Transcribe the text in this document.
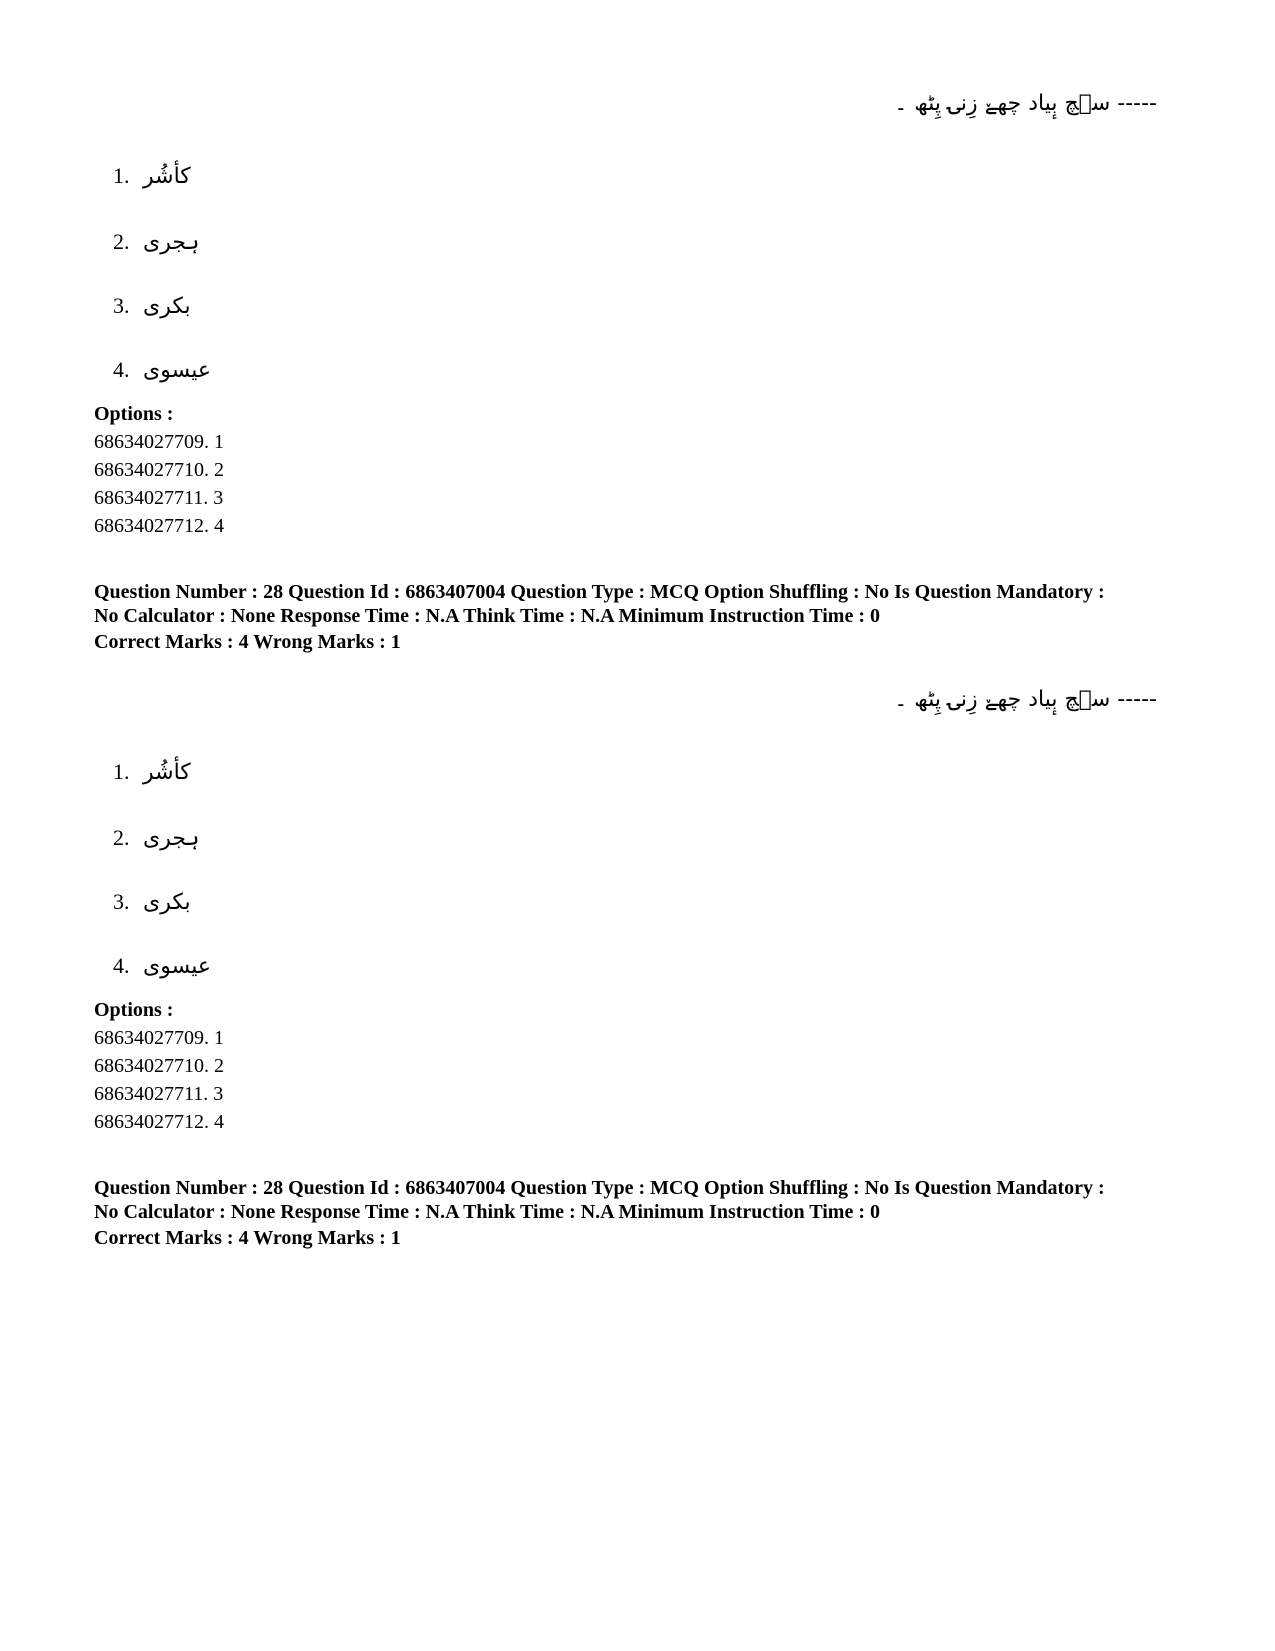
----- سۭچ بٕیاد چھےٚ زِنۍ پِٹھ ۔
1. کأشُر
2. ہجری
3. بکری
4. عیسوی
Options :
68634027709. 1
68634027710. 2
68634027711. 3
68634027712. 4
Question Number : 28 Question Id : 6863407004 Question Type : MCQ Option Shuffling : No Is Question Mandatory :
No Calculator : None Response Time : N.A Think Time : N.A Minimum Instruction Time : 0
Correct Marks : 4 Wrong Marks : 1
----- سۭچ بٕیاد چھےٚ زِنۍ پِٹھ ۔
1. کأشُر
2. ہجری
3. بکری
4. عیسوی
Options :
68634027709. 1
68634027710. 2
68634027711. 3
68634027712. 4
Question Number : 28 Question Id : 6863407004 Question Type : MCQ Option Shuffling : No Is Question Mandatory :
No Calculator : None Response Time : N.A Think Time : N.A Minimum Instruction Time : 0
Correct Marks : 4 Wrong Marks : 1
